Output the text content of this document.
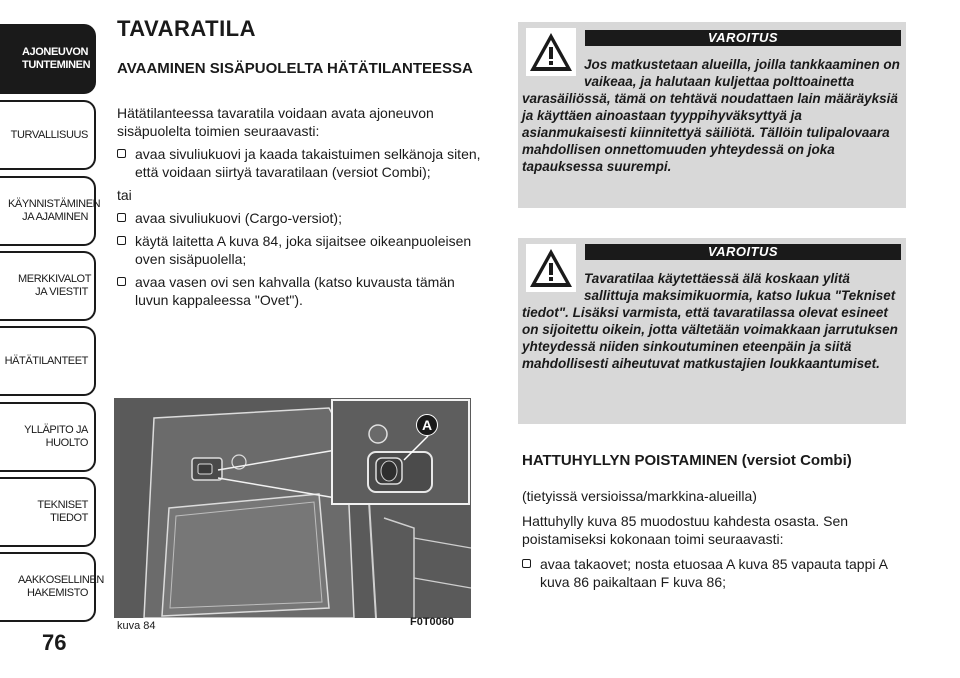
AJONEUVON TUNTEMINEN
TURVALLISUUS
KÄYNNISTÄMINEN JA AJAMINEN
MERKKIVALOT JA VIESTIT
HÄTÄTILANTEET
YLLÄPITO JA HUOLTO
TEKNISET TIEDOT
AAKKOSELLINEN HAKEMISTO
76
TAVARATILA
AVAAMINEN SISÄPUOLELTA HÄTÄTILANTEESSA
Hätätilanteessa tavaratila voidaan avata ajoneuvon sisäpuolelta toimien seuraavasti:
avaa sivuliukuovi ja kaada takaistuimen selkänoja siten, että voidaan siirtyä tavaratilaan (versiot Combi);
tai
avaa sivuliukuovi (Cargo-versiot);
käytä laitetta A kuva 84, joka sijaitsee oikeanpuoleisen oven sisäpuolella;
avaa vasen ovi sen kahvalla (katso kuvausta tämän luvun kappaleessa "Ovet").
A
kuva 84	F0T0060
VAROITUS
Jos matkustetaan alueilla, joilla tankkaaminen on vaikeaa, ja halutaan kuljettaa polttoainetta varasäiliössä, tämä on tehtävä noudattaen lain määräyksiä ja käyttäen ainoastaan tyyppihyväksyttyä ja asianmukaisesti kiinnitettyä säiliötä. Tällöin tulipalovaara mahdollisen onnettomuuden yhteydessä on joka tapauksessa suurempi.
VAROITUS
HATTUHYLLYN POISTAMINEN (versiot Combi)
(tietyissä versioissa/markkina-alueilla)
Hattuhylly kuva 85 muodostuu kahdesta osasta. Sen poistamiseksi kokonaan toimi seuraavasti:
avaa takaovet; nosta etuosaa A kuva 85 vapauta tappi A kuva 86 paikaltaan F kuva 86;
Tavaratilaa käytettäessä älä koskaan ylitä sallittuja maksimikuormia, katso lukua "Tekniset tiedot". Lisäksi varmista, että tavaratilassa olevat esineet on sijoitettu oikein, jotta vältetään voimakkaan jarrutuksen yhteydessä niiden sinkoutuminen eteenpäin ja siitä mahdollisesti aiheutuvat matkustajien loukkaantumiset.
